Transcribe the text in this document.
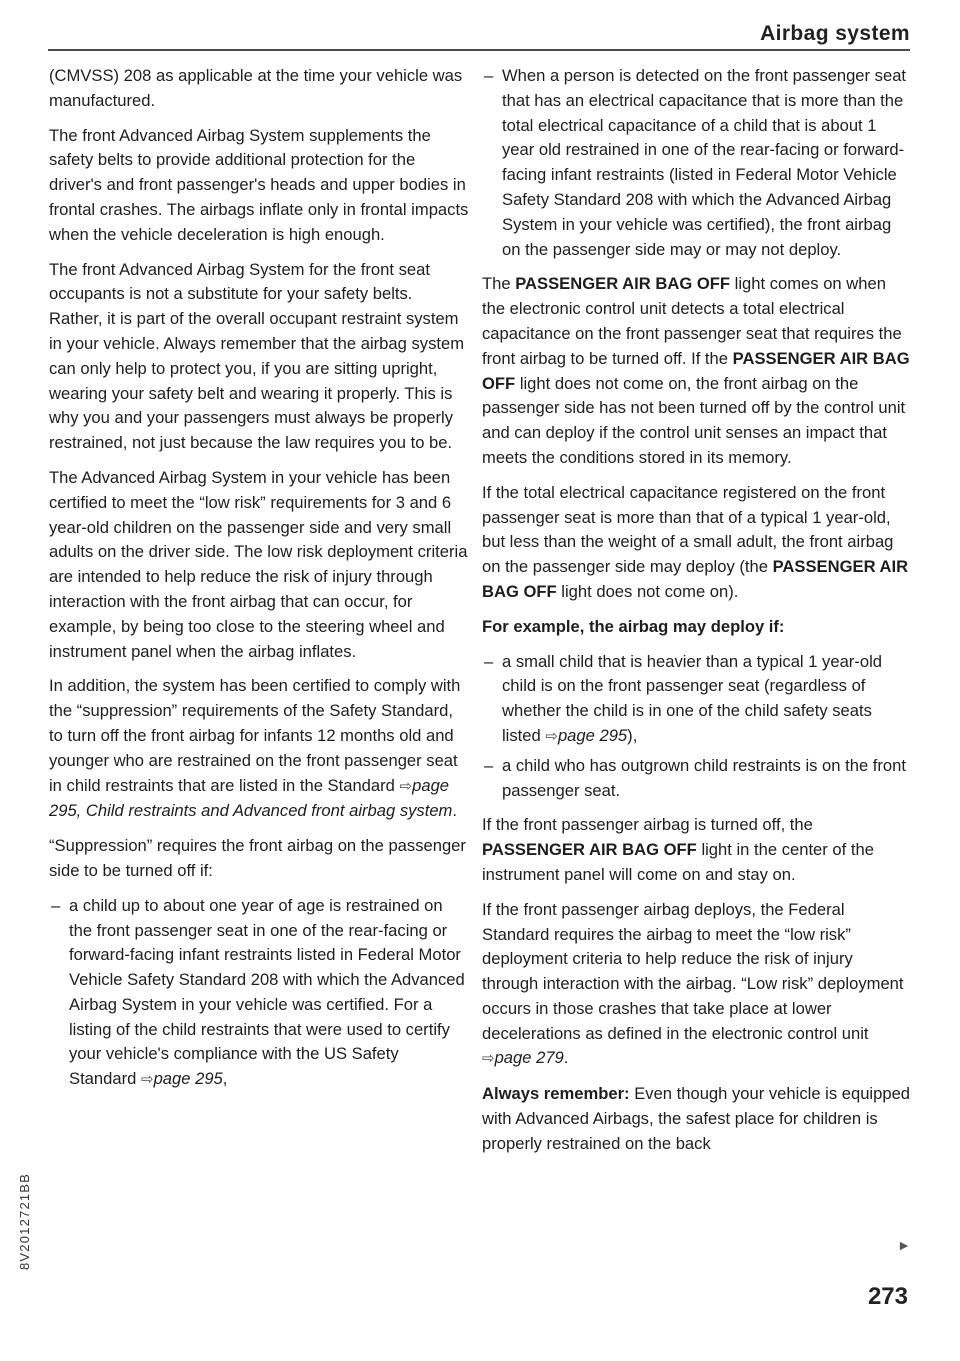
Airbag system

(CMVSS) 208 as applicable at the time your vehicle was manufactured.

The front Advanced Airbag System supplements the safety belts to provide additional protection for the driver's and front passenger's heads and upper bodies in frontal crashes. The airbags inflate only in frontal impacts when the vehicle deceleration is high enough.

The front Advanced Airbag System for the front seat occupants is not a substitute for your safety belts. Rather, it is part of the overall occupant restraint system in your vehicle. Always remember that the airbag system can only help to protect you, if you are sitting upright, wearing your safety belt and wearing it properly. This is why you and your passengers must always be properly restrained, not just because the law requires you to be.

The Advanced Airbag System in your vehicle has been certified to meet the “low risk” requirements for 3 and 6 year-old children on the passenger side and very small adults on the driver side. The low risk deployment criteria are intended to help reduce the risk of injury through interaction with the front airbag that can occur, for example, by being too close to the steering wheel and instrument panel when the airbag inflates.

In addition, the system has been certified to comply with the “suppression” requirements of the Safety Standard, to turn off the front airbag for infants 12 months old and younger who are restrained on the front passenger seat in child restraints that are listed in the Standard ⇨page 295, Child restraints and Advanced front airbag system.

“Suppression” requires the front airbag on the passenger side to be turned off if:

– a child up to about one year of age is restrained on the front passenger seat in one of the rear-facing or forward-facing infant restraints listed in Federal Motor Vehicle Safety Standard 208 with which the Advanced Airbag System in your vehicle was certified. For a listing of the child restraints that were used to certify your vehicle's compliance with the US Safety Standard ⇨page 295,
– When a person is detected on the front passenger seat that has an electrical capacitance that is more than the total electrical capacitance of a child that is about 1 year old restrained in one of the rear-facing or forward-facing infant restraints (listed in Federal Motor Vehicle Safety Standard 208 with which the Advanced Airbag System in your vehicle was certified), the front airbag on the passenger side may or may not deploy.

The PASSENGER AIR BAG OFF light comes on when the electronic control unit detects a total electrical capacitance on the front passenger seat that requires the front airbag to be turned off. If the PASSENGER AIR BAG OFF light does not come on, the front airbag on the passenger side has not been turned off by the control unit and can deploy if the control unit senses an impact that meets the conditions stored in its memory.

If the total electrical capacitance registered on the front passenger seat is more than that of a typical 1 year-old, but less than the weight of a small adult, the front airbag on the passenger side may deploy (the PASSENGER AIR BAG OFF light does not come on).

For example, the airbag may deploy if:

– a small child that is heavier than a typical 1 year-old child is on the front passenger seat (regardless of whether the child is in one of the child safety seats listed ⇨page 295),
– a child who has outgrown child restraints is on the front passenger seat.

If the front passenger airbag is turned off, the PASSENGER AIR BAG OFF light in the center of the instrument panel will come on and stay on.

If the front passenger airbag deploys, the Federal Standard requires the airbag to meet the “low risk” deployment criteria to help reduce the risk of injury through interaction with the airbag. “Low risk” deployment occurs in those crashes that take place at lower decelerations as defined in the electronic control unit ⇨page 279.

Always remember: Even though your vehicle is equipped with Advanced Airbags, the safest place for children is properly restrained on the back

►
273
8V2012721BB
